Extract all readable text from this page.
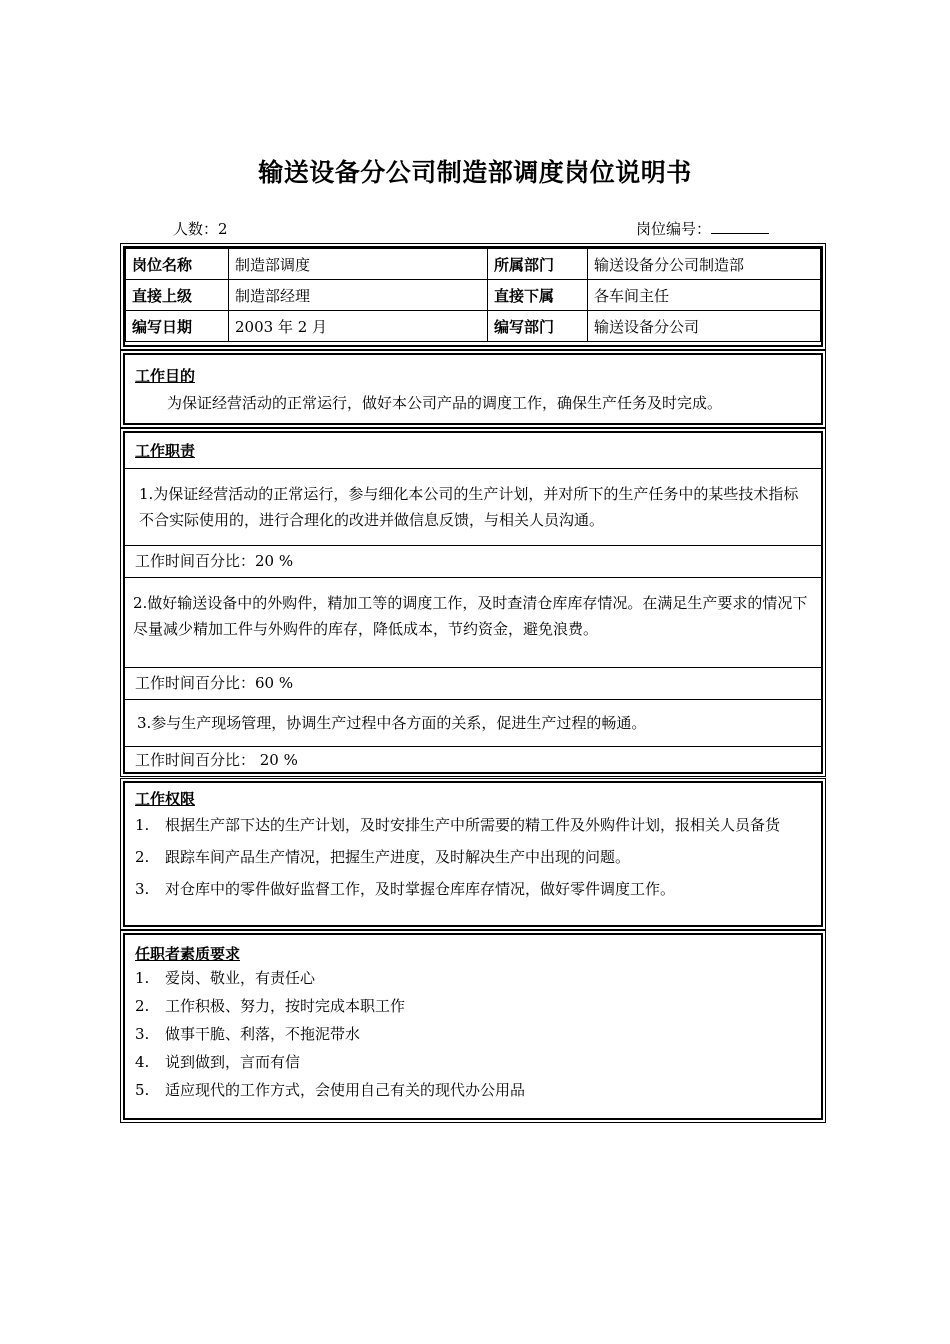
输送设备分公司制造部调度岗位说明书
人数：2	岗位编号：
岗位名称	制造部调度	所属部门	输送设备分公司制造部
直接上级	制造部经理	直接下属	各车间主任
编写日期	2003 年 2 月	编写部门	输送设备分公司
工作目的
为保证经营活动的正常运行，做好本公司产品的调度工作，确保生产任务及时完成。
工作职责
1.为保证经营活动的正常运行，参与细化本公司的生产计划，并对所下的生产任务中的某些技术指标不合实际使用的，进行合理化的改进并做信息反馈，与相关人员沟通。
工作时间百分比：20 %
2.做好输送设备中的外购件，精加工等的调度工作，及时查清仓库库存情况。在满足生产要求的情况下尽量减少精加工件与外购件的库存，降低成本，节约资金，避免浪费。
工作时间百分比：60 %
3.参与生产现场管理，协调生产过程中各方面的关系，促进生产过程的畅通。
工作时间百分比： 20 %
工作权限
1.	根据生产部下达的生产计划，及时安排生产中所需要的精工件及外购件计划，报相关人员备货
2.	跟踪车间产品生产情况，把握生产进度，及时解决生产中出现的问题。
3.	对仓库中的零件做好监督工作，及时掌握仓库库存情况，做好零件调度工作。
任职者素质要求
1.	爱岗、敬业，有责任心
2.	工作积极、努力，按时完成本职工作
3.	做事干脆、利落，不拖泥带水
4.	说到做到，言而有信
5.	适应现代的工作方式，会使用自己有关的现代办公用品
